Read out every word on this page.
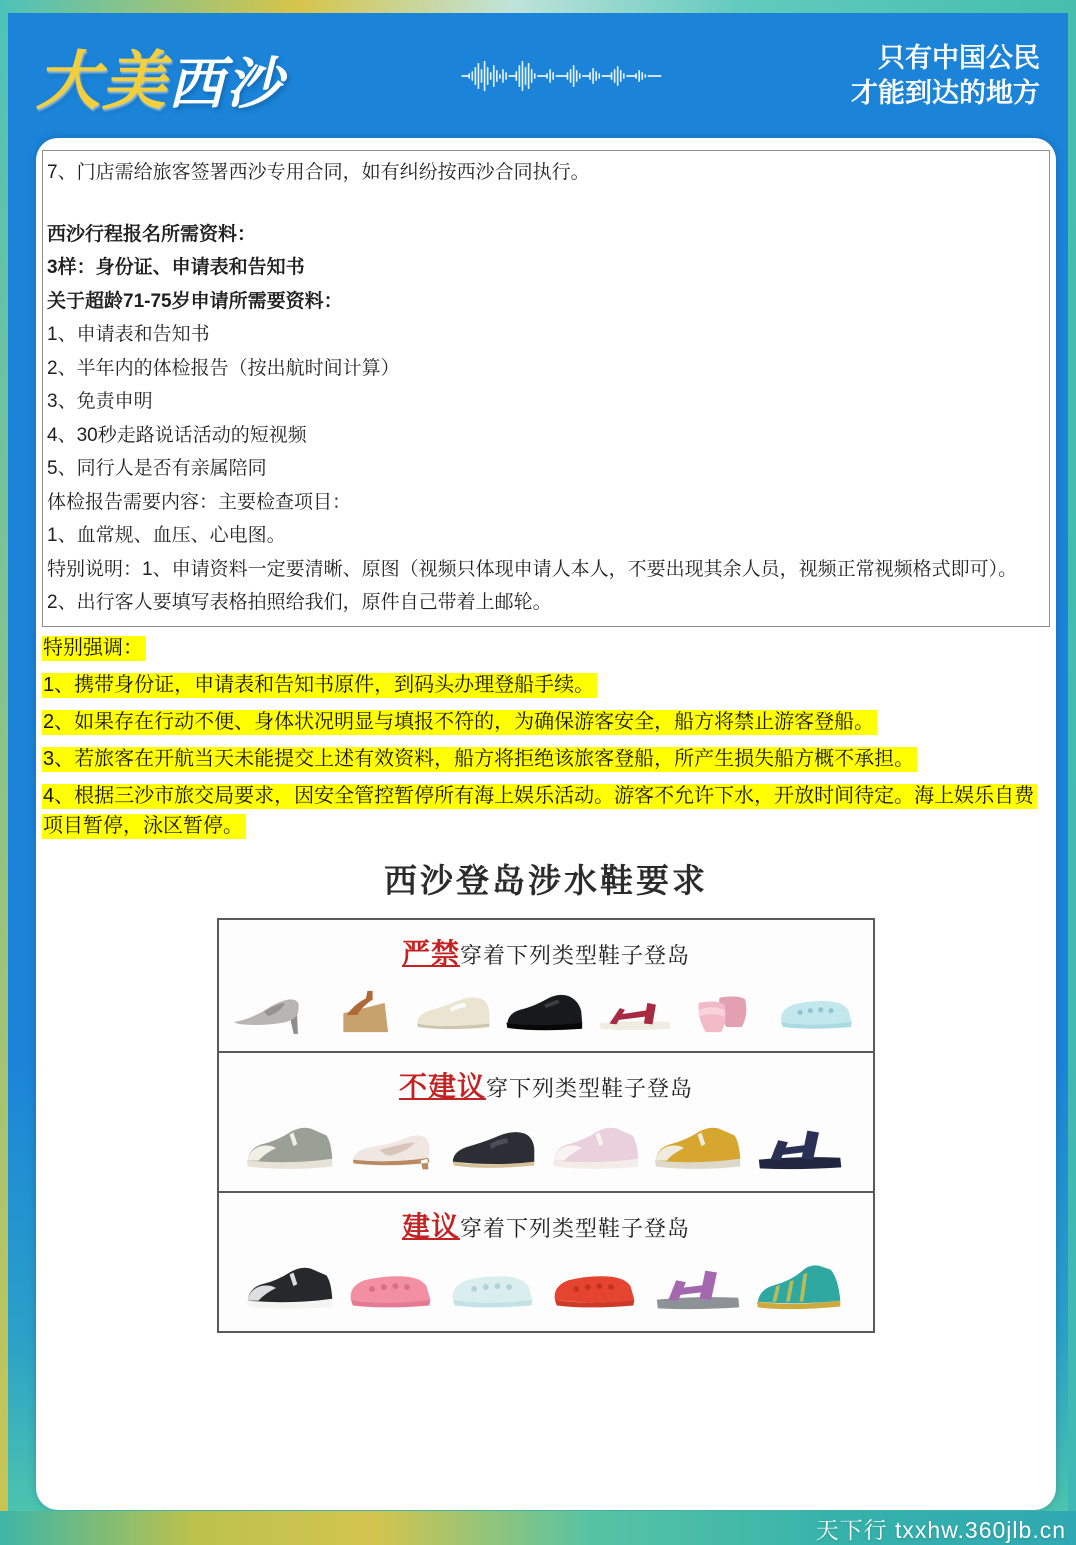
大美 西沙	只有中国公民
才能到达的地方
7、门店需给旅客签署西沙专用合同，如有纠纷按西沙合同执行。
西沙行程报名所需资料：
3样：身份证、申请表和告知书
关于超龄71-75岁申请所需要资料：
1、申请表和告知书
2、半年内的体检报告（按出航时间计算）
3、免责申明
4、30秒走路说话活动的短视频
5、同行人是否有亲属陪同
体检报告需要内容：主要检查项目：
1、血常规、血压、心电图。
特别说明：1、申请资料一定要清晰、原图（视频只体现申请人本人，不要出现其余人员，视频正常视频格式即可）。
2、出行客人要填写表格拍照给我们，原件自己带着上邮轮。
特别强调：
1、携带身份证，申请表和告知书原件，到码头办理登船手续。
2、如果存在行动不便、身体状况明显与填报不符的，为确保游客安全，船方将禁止游客登船。
3、若旅客在开航当天未能提交上述有效资料，船方将拒绝该旅客登船，所产生损失船方概不承担。
4、根据三沙市旅交局要求，因安全管控暂停所有海上娱乐活动。游客不允许下水，开放时间待定。海上娱乐自费项目暂停，泳区暂停。
西沙登岛涉水鞋要求
严禁穿着下列类型鞋子登岛
不建议穿下列类型鞋子登岛
建议穿着下列类型鞋子登岛
天下行 txxhw.360jlb.cn
